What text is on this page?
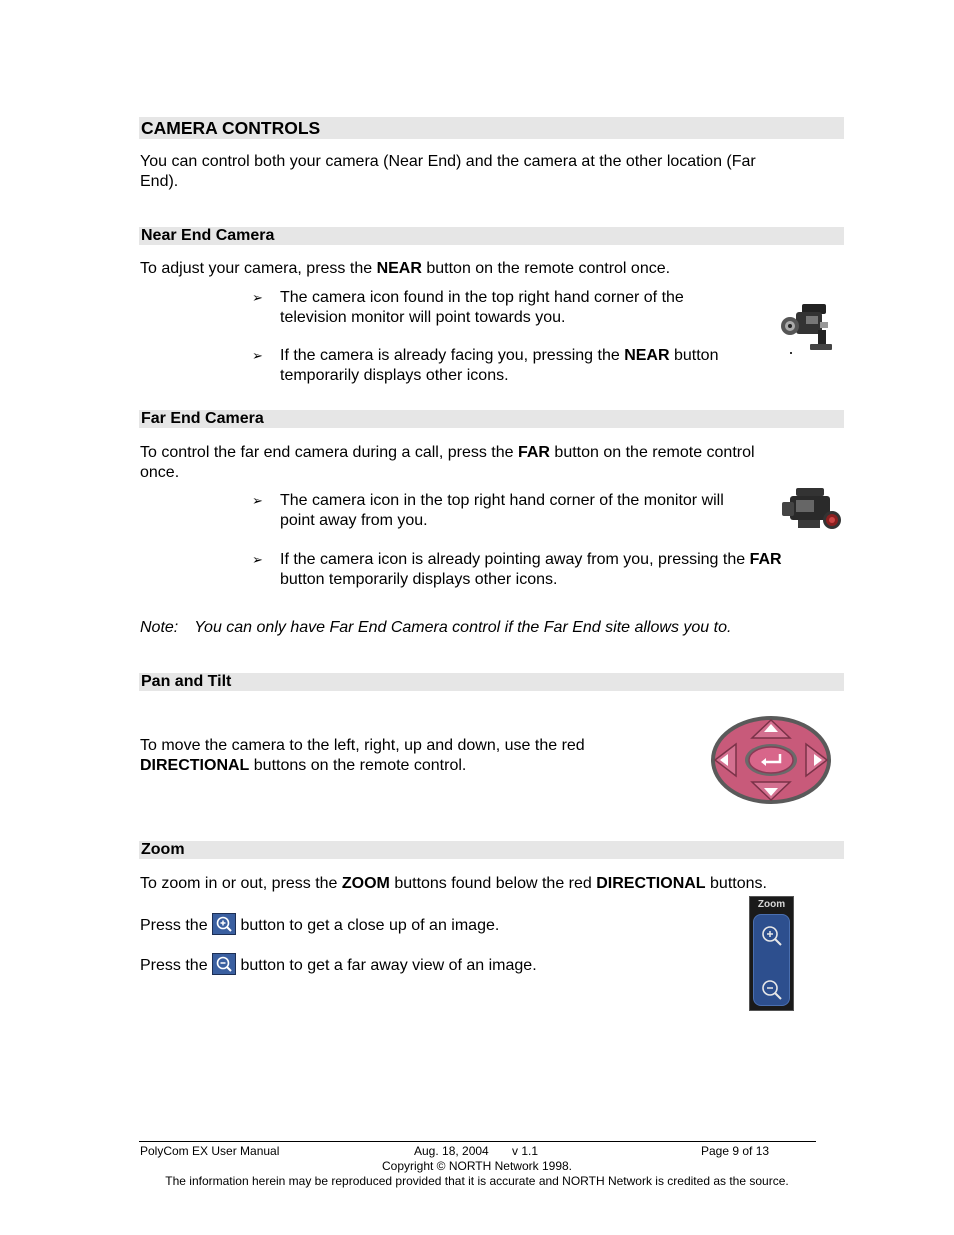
CAMERA CONTROLS
You can control both your camera (Near End) and the camera at the other location (Far
End).
Near End Camera
To adjust your camera, press the NEAR button on the remote control once.
➢ The camera icon found in the top right hand corner of the
television monitor will point towards you.
➢ If the camera is already facing you, pressing the NEAR button
temporarily displays other icons.
Far End Camera
To control the far end camera during a call, press the FAR button on the remote control
once.
➢ The camera icon in the top right hand corner of the monitor will
point away from you.
➢ If the camera icon is already pointing away from you, pressing the FAR
button temporarily displays other icons.
Note: You can only have Far End Camera control if the Far End site allows you to.
Pan and Tilt
To move the camera to the left, right, up and down, use the red
DIRECTIONAL buttons on the remote control.
Zoom
To zoom in or out, press the ZOOM buttons found below the red DIRECTIONAL buttons.
Press the
button to get a close up of an image.
Press the
button to get a far away view of an image.
Zoom
PolyCom EX User Manual	Aug. 18, 2004 v 1.1	Page 9 of 13
Copyright © NORTH Network 1998.
The information herein may be reproduced provided that it is accurate and NORTH Network is credited as the source.
